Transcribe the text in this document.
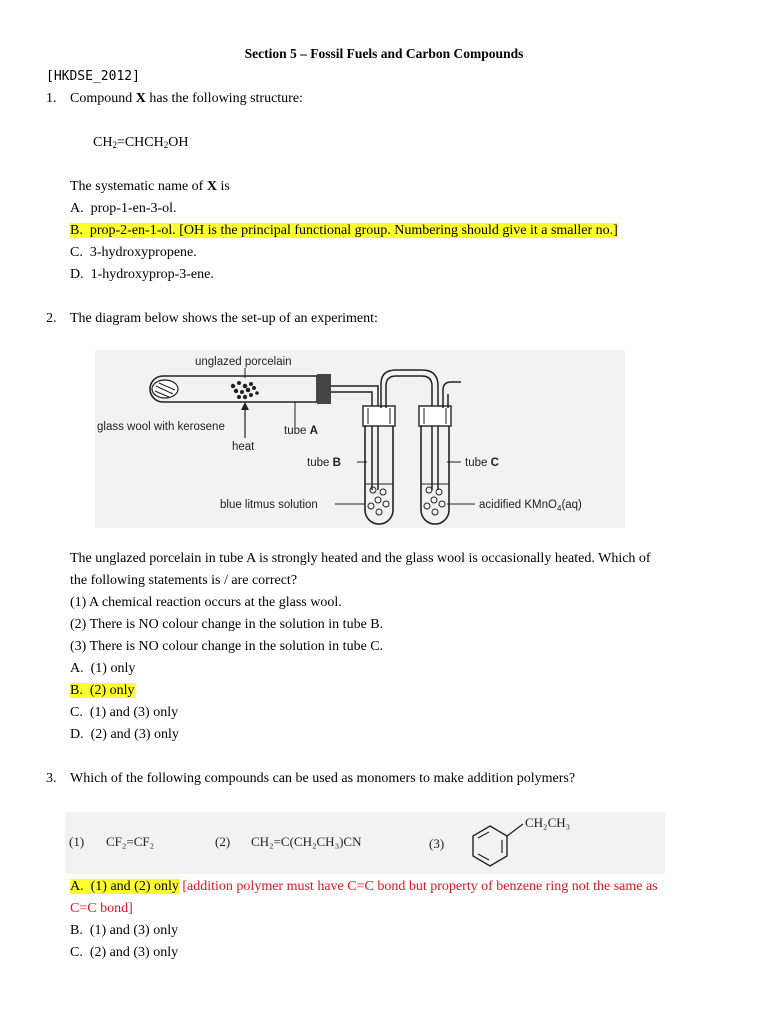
Section 5 – Fossil Fuels and Carbon Compounds
[HKDSE_2012]
1. Compound X has the following structure:
$CH_2=CHCH_2OH$
The systematic name of X is
A. prop-1-en-3-ol.
B. prop-2-en-1-ol. [OH is the principal functional group. Numbering should give it a smaller no.]
C. 3-hydroxypropene.
D. 1-hydroxyprop-3-ene.
2. The diagram below shows the set-up of an experiment:
unglazed porcelain
glass wool with kerosene
heat
tube A
tube B	tube C
blue litmus solution	acidified KMnO$_4$(aq)
The unglazed porcelain in tube A is strongly heated and the glass wool is occasionally heated. Which of
the following statements is / are correct?
(1) A chemical reaction occurs at the glass wool.
(2) There is NO colour change in the solution in tube B.
(3) There is NO colour change in the solution in tube C.
A. (1) only
B. (2) only
C. (1) and (3) only
D. (2) and (3) only
3. Which of the following compounds can be used as monomers to make addition polymers?
(1) CF₂=CF₂	(2) CH₂=C(CH₂CH₃)CN	(3)
CH₂CH₃
A. (1) and (2) only [addition polymer must have C=C bond but property of benzene ring not the same as
C=C bond]
B. (1) and (3) only
C. (2) and (3) only
